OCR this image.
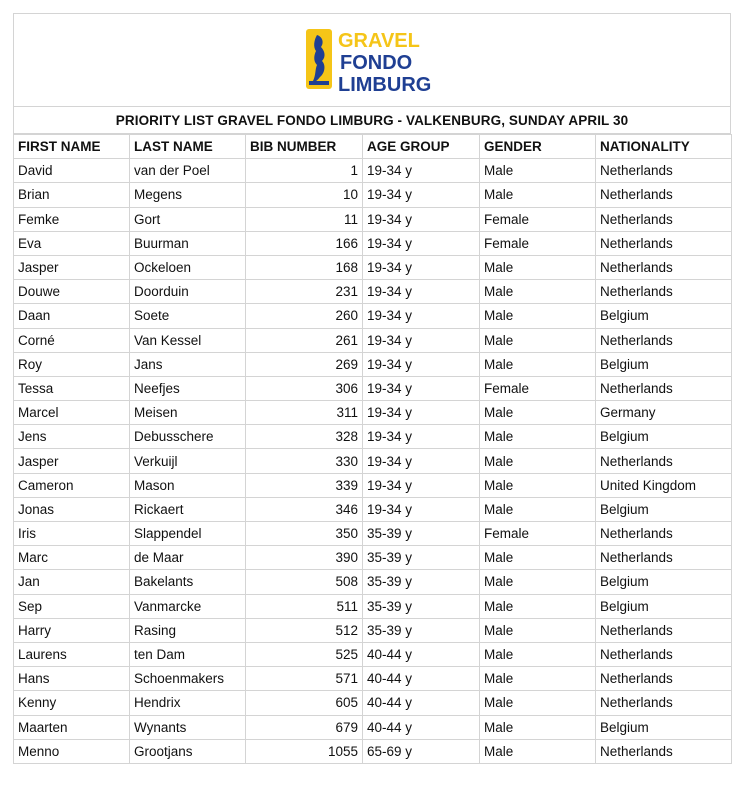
GRAVEL
FONDO
LIMBURG
PRIORITY LIST GRAVEL FONDO LIMBURG - VALKENBURG, SUNDAY APRIL 30
FIRST NAME	LAST NAME	BIB NUMBER	AGE GROUP	GENDER	NATIONALITY
David	van der Poel	1	19-34 y	Male	Netherlands
Brian	Megens	10	19-34 y	Male	Netherlands
Femke	Gort	11	19-34 y	Female	Netherlands
Eva	Buurman	166	19-34 y	Female	Netherlands
Jasper	Ockeloen	168	19-34 y	Male	Netherlands
Douwe	Doorduin	231	19-34 y	Male	Netherlands
Daan	Soete	260	19-34 y	Male	Belgium
Corné	Van Kessel	261	19-34 y	Male	Netherlands
Roy	Jans	269	19-34 y	Male	Belgium
Tessa	Neefjes	306	19-34 y	Female	Netherlands
Marcel	Meisen	311	19-34 y	Male	Germany
Jens	Debusschere	328	19-34 y	Male	Belgium
Jasper	Verkuijl	330	19-34 y	Male	Netherlands
Cameron	Mason	339	19-34 y	Male	United Kingdom
Jonas	Rickaert	346	19-34 y	Male	Belgium
Iris	Slappendel	350	35-39 y	Female	Netherlands
Marc	de Maar	390	35-39 y	Male	Netherlands
Jan	Bakelants	508	35-39 y	Male	Belgium
Sep	Vanmarcke	511	35-39 y	Male	Belgium
Harry	Rasing	512	35-39 y	Male	Netherlands
Laurens	ten Dam	525	40-44 y	Male	Netherlands
Hans	Schoenmakers	571	40-44 y	Male	Netherlands
Kenny	Hendrix	605	40-44 y	Male	Netherlands
Maarten	Wynants	679	40-44 y	Male	Belgium
Menno	Grootjans	1055	65-69 y	Male	Netherlands
